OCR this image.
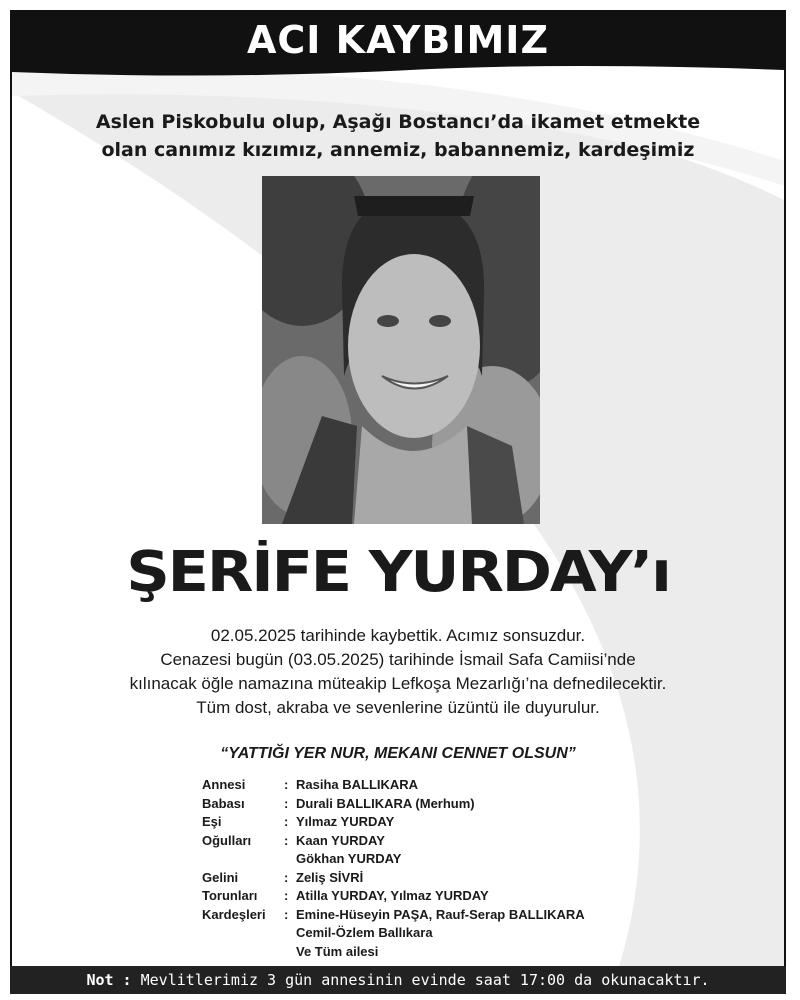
ACI KAYBIMIZ
Aslen Piskobulu olup, Aşağı Bostancı’da ikamet etmekte
olan canımız kızımız, annemiz, babannemiz, kardeşimiz
ŞERİFE YURDAY’ı
02.05.2025 tarihinde kaybettik. Acımız sonsuzdur.
Cenazesi bugün (03.05.2025) tarihinde İsmail Safa Camiisi’nde
kılınacak öğle namazına müteakip Lefkoşa Mezarlığı’na defnedilecektir.
Tüm dost, akraba ve sevenlerine üzüntü ile duyurulur.
“YATTIĞI YER NUR, MEKANI CENNET OLSUN”
Annesi	: Rasiha BALLIKARA
Babası	: Durali BALLIKARA (Merhum)
Eşi	: Yılmaz YURDAY
Oğulları	: Kaan YURDAY
Gökhan YURDAY
Gelini	: Zeliş SİVRİ
Torunları	: Atilla YURDAY, Yılmaz YURDAY
Kardeşleri	: Emine-Hüseyin PAŞA, Rauf-Serap BALLIKARA
Cemil-Özlem Ballıkara
Ve Tüm ailesi
Not : Mevlitlerimiz 3 gün annesinin evinde saat 17:00 da okunacaktır.
